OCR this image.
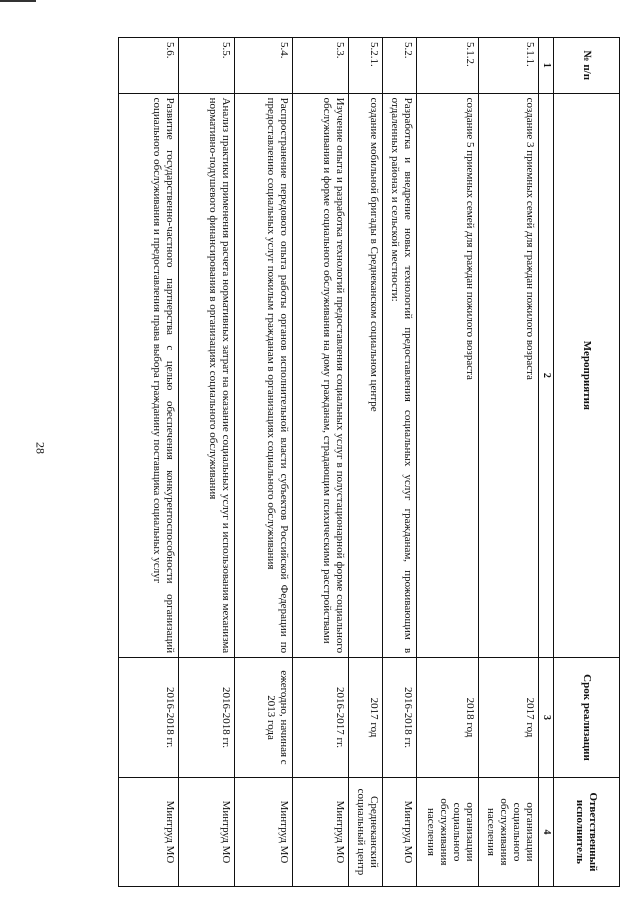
28
№ п/п	Мероприятия	Срок реализации	Ответственный исполнитель
1	2	3	4
5.1.1.	создание 3 приемных семей для граждан пожилого возраста	2017 год	организации социального обслуживания населения
5.1.2.	создание 5 приемных семей для граждан пожилого возраста	2018 год	организации социального обслуживания населения
5.2.	Разработка и внедрение новых технологий предоставления социальных услуг гражданам, проживающим в отдаленных районах и сельской местности:	2016-2018 гг.	Минтруд МО
5.2.1.	создание мобильной бригады в Среднеканском социальном центре	2017 год	Среднеканский социальный центр
5.3.	Изучение опыта и разработка технологий предоставления социальных услуг в полустационарной форме социального обслуживания и форме социального обслуживания на дому гражданам, страдающим психическими расстройствами	2016-2017 гг.	Минтруд МО
5.4.	Распространение передового опыта работы органов исполнительной власти субъектов Российской Федерации по предоставлению социальных услуг пожилым гражданам в организациях социального обслуживания	ежегодно, начиная с 2013 года	Минтруд МО
5.5.	Анализ практики применения расчета нормативных затрат на оказание социальных услуг и использования механизма нормативно-подушевого финансирования в организациях социального обслуживания	2016-2018 гг.	Минтруд МО
5.6.	Развитие государственно-частного партнерства с целью обеспечения конкурентоспособности организаций социального обслуживания и предоставления права выбора гражданину поставщика социальных услуг	2016-2018 гг.	Минтруд МО
